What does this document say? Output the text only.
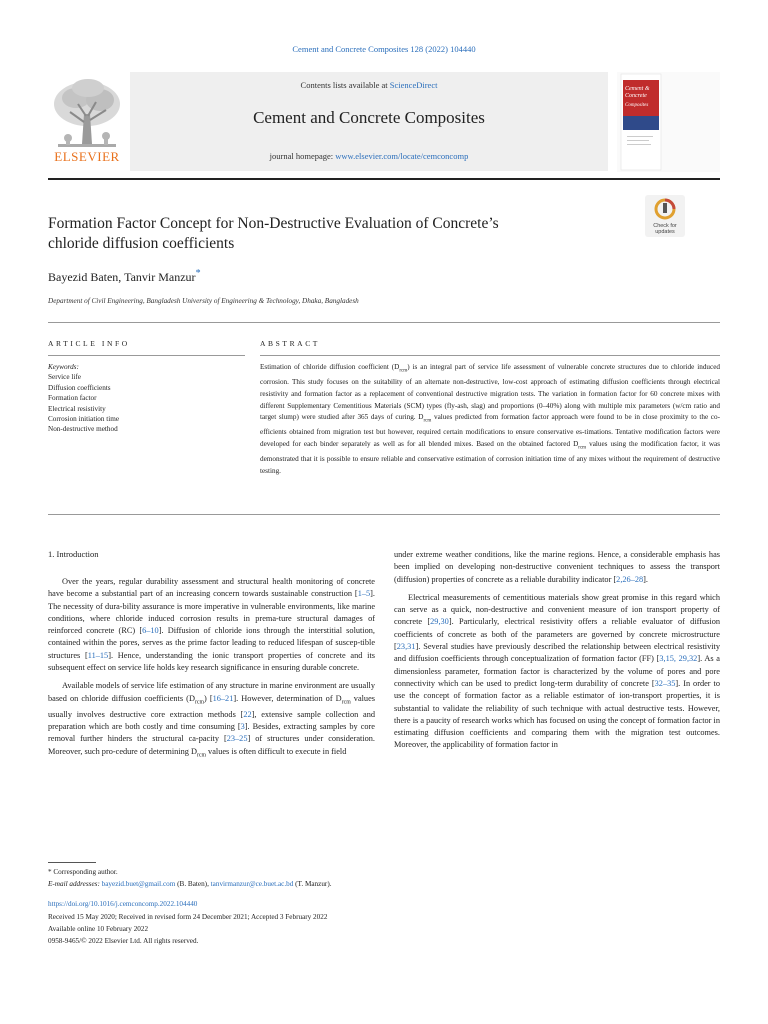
Cement and Concrete Composites 128 (2022) 104440
Contents lists available at ScienceDirect
Cement and Concrete Composites
journal homepage: www.elsevier.com/locate/cemconcomp
ELSEVIER
Cement &
Concrete
Composites
Formation Factor Concept for Non-Destructive Evaluation of Concrete’s
chloride diffusion coefficients
Check for
updates
Bayezid Baten, Tanvir Manzur*
Department of Civil Engineering, Bangladesh University of Engineering & Technology, Dhaka, Bangladesh
ARTICLE INFO	ABSTRACT
Keywords:
Service life
Diffusion coefficients
Formation factor
Electrical resistivity
Corrosion initiation time
Non-destructive method
Estimation of chloride diffusion coefficient $(D_{rcm})$ is an integral part of service life assessment of vulnerable concrete structures due to chloride induced corrosion. This study focuses on the suitability of an alternate non-destructive, low-cost approach of estimating diffusion coefficients through electrical resistivity and formation factor as a replacement of conventional destructive migration tests. The variation in formation factor for 60 concrete mixes with different Supplementary Cementitious Materials (SCM) types (fly-ash, slag) and proportions (0–40%) along with multiple mix parameters (w/cm ratio and target slump) were studied after 365 days of curing. $D_{rcm}$ values predicted from formation factor approach were found to be in close proximity to the co-efficients obtained from migration test but however, required certain modifications to ensure conservative es-timations. Tentative modification factors were developed for each binder separately as well as for all blended mixes. Based on the obtained factored $D_{rcm}$ values using the modification factor, it was demonstrated that it is possible to ensure reliable and conservative estimation of corrosion initiation time of any mixes without the requirement of destructive testing.
1. Introduction

Over the years, regular durability assessment and structural health monitoring of concrete have become a substantial part of an increasing concern towards sustainable construction [1–5]. The necessity of dura-bility assurance is more imperative in vulnerable environments, like marine conditions, where chloride induced corrosion results in prema-ture structural damages of reinforced concrete (RC) [6–10]. Diffusion of chloride ions through the interstitial solution, contained within the pores, serves as the prime factor leading to reduced lifespan of suscep-tible structures [11–15]. Hence, understanding the ionic transport properties of concrete and its subsequent effect on service life holds key research significance in ensuring durable concrete.

Available models of service life estimation of any structure in marine environment are usually based on chloride diffusion coefficients $(D_{rcm})$ [16–21]. However, determination of $D_{rcm}$ values usually involves destructive core extraction methods [22], extensive sample collection and preparation which are both costly and time consuming [3]. Besides, extracting samples by core removal further hinders the structural ca-pacity [23–25] of structures under consideration. Moreover, such pro-cedure of determining $D_{rcm}$ values is often difficult to execute in field

under extreme weather conditions, like the marine regions. Hence, a considerable emphasis has been implied on developing non-destructive convenient techniques to assess the transport (diffusion) properties of concrete as a reliable durability indicator [2,26–28].

Electrical measurements of cementitious materials show great promise in this regard which can serve as a quick, non-destructive and convenient measure of ion transport property of concrete [29,30]. Particularly, electrical resistivity offers a reliable evaluator of diffusion coefficients of concrete as both of the parameters are governed by concrete microstructure [23,31]. Several studies have previously described the relationship between electrical resistivity and diffusion coefficients through conceptualization of formation factor (FF) [3,15, 29,32]. As a dimensionless parameter, formation factor is characterized by the volume of pores and pore connectivity which can be used to predict long-term durability of concrete [32–35]. In order to use the concept of formation factor as a reliable estimator of ion-transport properties, it is substantial to validate the reliability of such technique with actual destructive tests. However, there is a paucity of research works which has focused on using the concept of formation factor in estimating diffusion coefficients and comparing them with the migration test outcomes. Moreover, the applicability of formation factor in

* Corresponding author.
E-mail addresses: bayezid.buet@gmail.com (B. Baten), tanvirmanzur@ce.buet.ac.bd (T. Manzur).
https://doi.org/10.1016/j.cemconcomp.2022.104440
Received 15 May 2020; Received in revised form 24 December 2021; Accepted 3 February 2022
Available online 10 February 2022
0958-9465/© 2022 Elsevier Ltd. All rights reserved.
